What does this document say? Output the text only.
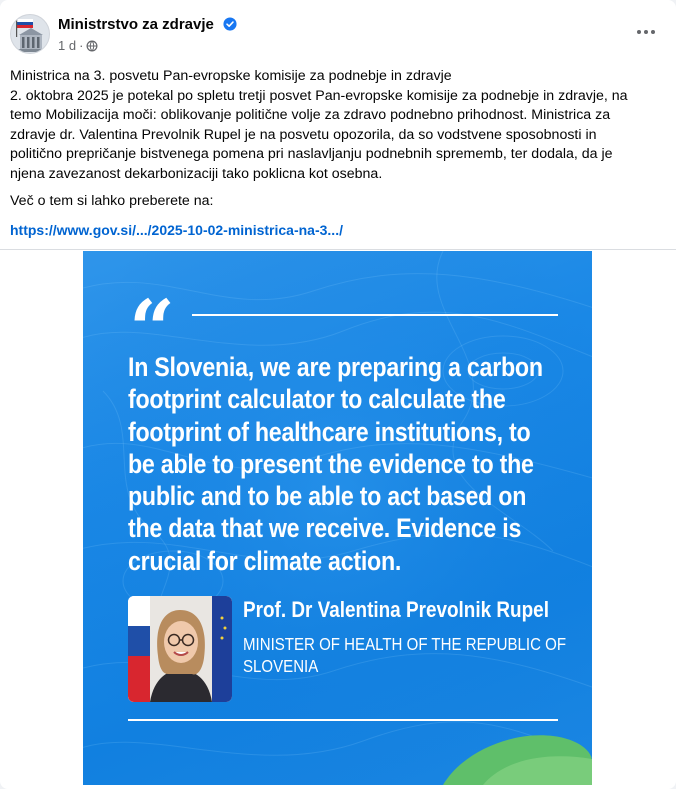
Ministrstvo za zdravje
1 d ·

Ministrica na 3. posvetu Pan-evropske komisije za podnebje in zdravje
2. oktobra 2025 je potekal po spletu tretji posvet Pan-evropske komisije za podnebje in zdravje, na
temo Mobilizacija moči: oblikovanje politične volje za zdravo podnebno prihodnost. Ministrica za
zdravje dr. Valentina Prevolnik Rupel je na posvetu opozorila, da so vodstvene sposobnosti in
politično prepričanje bistvenega pomena pri naslavljanju podnebnih sprememb, ter dodala, da je
njena zavezanost dekarbonizaciji tako poklicna kot osebna.

Več o tem si lahko preberete na:

https://www.gov.si/.../2025-10-02-ministrica-na-3.../

“
In Slovenia, we are preparing a carbon
footprint calculator to calculate the
footprint of healthcare institutions, to
be able to present the evidence to the
public and to be able to act based on
the data that we receive. Evidence is
crucial for climate action.
Prof. Dr Valentina Prevolnik Rupel
MINISTER OF HEALTH OF THE REPUBLIC OF
SLOVENIA
